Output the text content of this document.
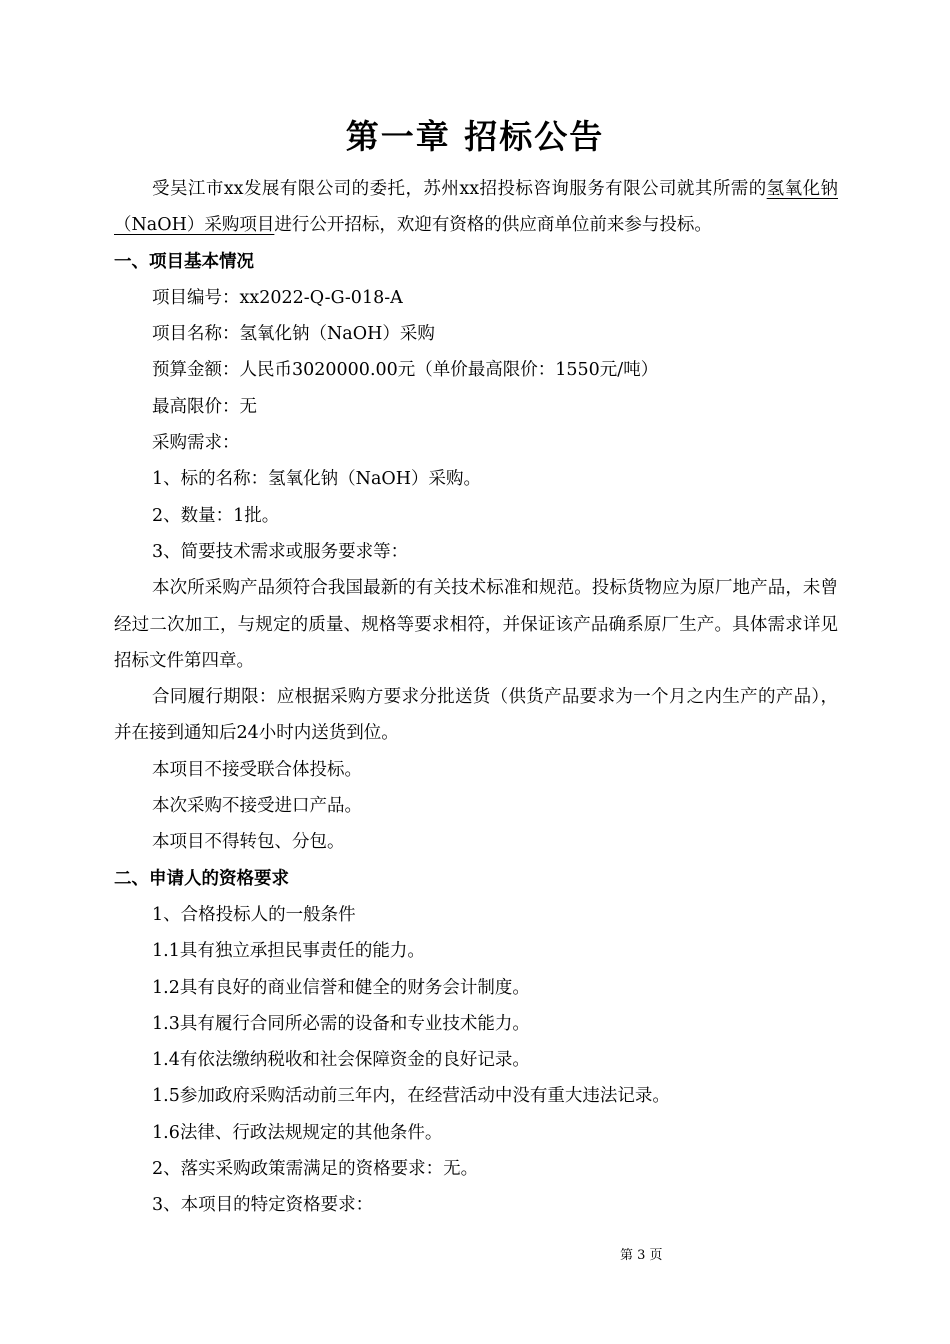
第一章 招标公告

受吴江市xx发展有限公司的委托，苏州xx招投标咨询服务有限公司就其所需的氢氧化钠（NaOH）采购项目进行公开招标，欢迎有资格的供应商单位前来参与投标。

一、项目基本情况

项目编号：xx2022-Q-G-018-A

项目名称：氢氧化钠（NaOH）采购

预算金额：人民币3020000.00元（单价最高限价：1550元/吨）

最高限价：无

采购需求：

1、标的名称：氢氧化钠（NaOH）采购。

2、数量：1批。

3、简要技术需求或服务要求等：

本次所采购产品须符合我国最新的有关技术标准和规范。投标货物应为原厂地产品，未曾经过二次加工，与规定的质量、规格等要求相符，并保证该产品确系原厂生产。具体需求详见招标文件第四章。

合同履行期限：应根据采购方要求分批送货（供货产品要求为一个月之内生产的产品），并在接到通知后24小时内送货到位。

本项目不接受联合体投标。

本次采购不接受进口产品。

本项目不得转包、分包。

二、申请人的资格要求

1、合格投标人的一般条件

1.1具有独立承担民事责任的能力。

1.2具有良好的商业信誉和健全的财务会计制度。

1.3具有履行合同所必需的设备和专业技术能力。

1.4有依法缴纳税收和社会保障资金的良好记录。

1.5参加政府采购活动前三年内，在经营活动中没有重大违法记录。

1.6法律、行政法规规定的其他条件。

2、落实采购政策需满足的资格要求：无。

3、本项目的特定资格要求：

第 3 页
